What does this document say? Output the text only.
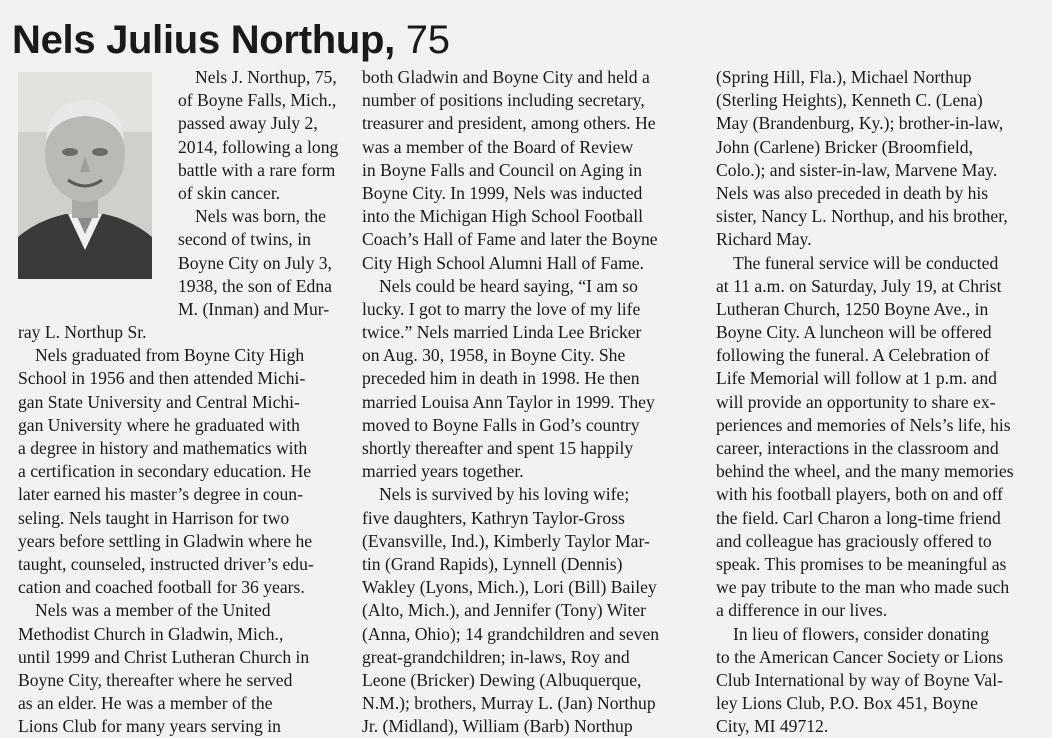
Nels Julius Northup, 75
Nels J. Northup, 75,
of Boyne Falls, Mich.,
passed away July 2,
2014, following a long
battle with a rare form
of skin cancer.
Nels was born, the
second of twins, in
Boyne City on July 3,
1938, the son of Edna
M. (Inman) and Mur-
ray L. Northup Sr.
Nels graduated from Boyne City High
School in 1956 and then attended Michi-
gan State University and Central Michi-
gan University where he graduated with
a degree in history and mathematics with
a certification in secondary education. He
later earned his master’s degree in coun-
seling. Nels taught in Harrison for two
years before settling in Gladwin where he
taught, counseled, instructed driver’s edu-
cation and coached football for 36 years.
Nels was a member of the United
Methodist Church in Gladwin, Mich.,
until 1999 and Christ Lutheran Church in
Boyne City, thereafter where he served
as an elder. He was a member of the
Lions Club for many years serving in
both Gladwin and Boyne City and held a
number of positions including secretary,
treasurer and president, among others. He
was a member of the Board of Review
in Boyne Falls and Council on Aging in
Boyne City. In 1999, Nels was inducted
into the Michigan High School Football
Coach’s Hall of Fame and later the Boyne
City High School Alumni Hall of Fame.
Nels could be heard saying, “I am so
lucky. I got to marry the love of my life
twice.” Nels married Linda Lee Bricker
on Aug. 30, 1958, in Boyne City. She
preceded him in death in 1998. He then
married Louisa Ann Taylor in 1999. They
moved to Boyne Falls in God’s country
shortly thereafter and spent 15 happily
married years together.
Nels is survived by his loving wife;
five daughters, Kathryn Taylor-Gross
(Evansville, Ind.), Kimberly Taylor Mar-
tin (Grand Rapids), Lynnell (Dennis)
Wakley (Lyons, Mich.), Lori (Bill) Bailey
(Alto, Mich.), and Jennifer (Tony) Witer
(Anna, Ohio); 14 grandchildren and seven
great-grandchildren; in-laws, Roy and
Leone (Bricker) Dewing (Albuquerque,
N.M.); brothers, Murray L. (Jan) Northup
Jr. (Midland), William (Barb) Northup
(Spring Hill, Fla.), Michael Northup
(Sterling Heights), Kenneth C. (Lena)
May (Brandenburg, Ky.); brother-in-law,
John (Carlene) Bricker (Broomfield,
Colo.); and sister-in-law, Marvene May.
Nels was also preceded in death by his
sister, Nancy L. Northup, and his brother,
Richard May.
The funeral service will be conducted
at 11 a.m. on Saturday, July 19, at Christ
Lutheran Church, 1250 Boyne Ave., in
Boyne City. A luncheon will be offered
following the funeral. A Celebration of
Life Memorial will follow at 1 p.m. and
will provide an opportunity to share ex-
periences and memories of Nels’s life, his
career, interactions in the classroom and
behind the wheel, and the many memories
with his football players, both on and off
the field. Carl Charon a long-time friend
and colleague has graciously offered to
speak. This promises to be meaningful as
we pay tribute to the man who made such
a difference in our lives.
In lieu of flowers, consider donating
to the American Cancer Society or Lions
Club International by way of Boyne Val-
ley Lions Club, P.O. Box 451, Boyne
City, MI 49712.
